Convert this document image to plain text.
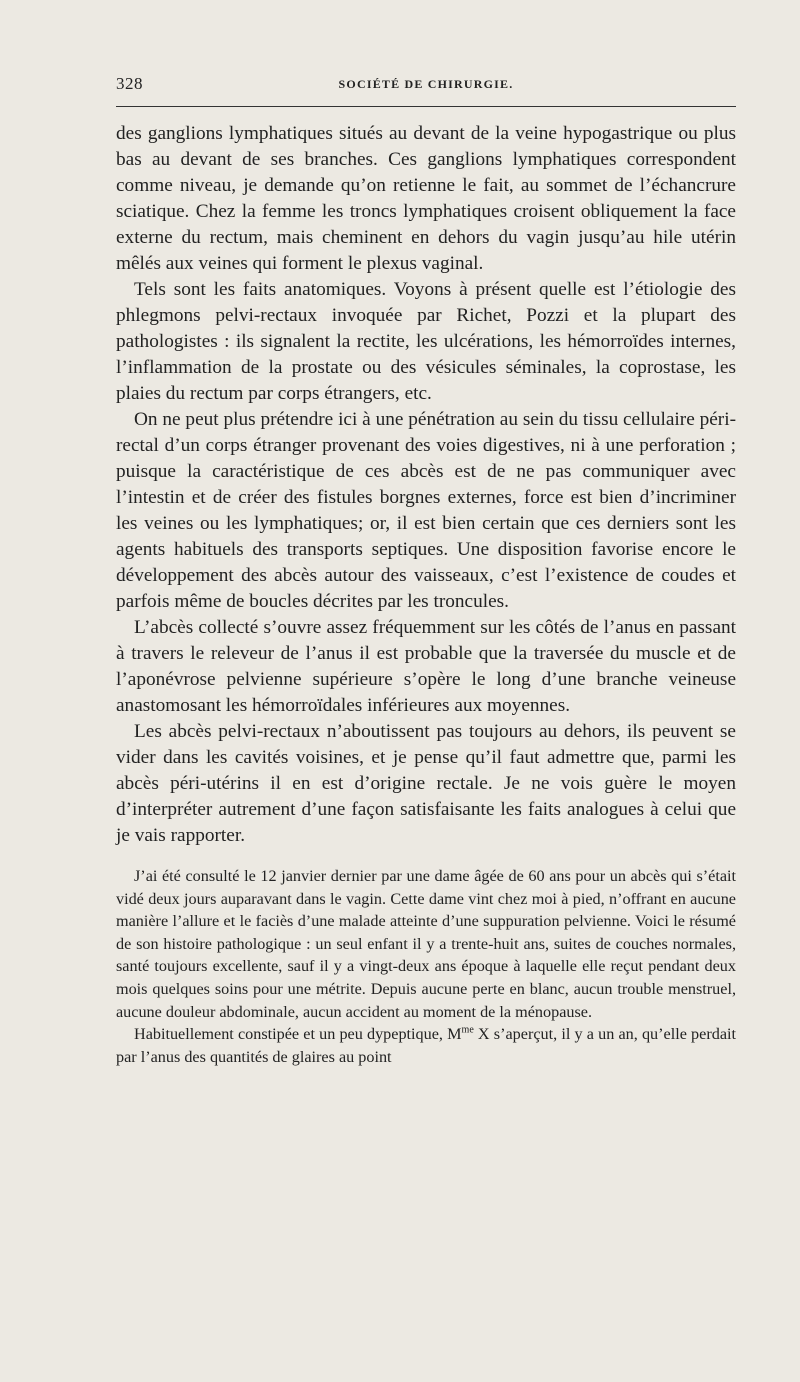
328	SOCIÉTÉ DE CHIRURGIE.

des ganglions lymphatiques situés au devant de la veine hypogastrique ou plus bas au devant de ses branches. Ces ganglions lymphatiques correspondent comme niveau, je demande qu’on retienne le fait, au sommet de l’échancrure sciatique. Chez la femme les troncs lymphatiques croisent obliquement la face externe du rectum, mais cheminent en dehors du vagin jusqu’au hile utérin mêlés aux veines qui forment le plexus vaginal.

Tels sont les faits anatomiques. Voyons à présent quelle est l’étiologie des phlegmons pelvi-rectaux invoquée par Richet, Pozzi et la plupart des pathologistes : ils signalent la rectite, les ulcérations, les hémorroïdes internes, l’inflammation de la prostate ou des vésicules séminales, la coprostase, les plaies du rectum par corps étrangers, etc.

On ne peut plus prétendre ici à une pénétration au sein du tissu cellulaire péri-rectal d’un corps étranger provenant des voies digestives, ni à une perforation ; puisque la caractéristique de ces abcès est de ne pas communiquer avec l’intestin et de créer des fistules borgnes externes, force est bien d’incriminer les veines ou les lymphatiques; or, il est bien certain que ces derniers sont les agents habituels des transports septiques. Une disposition favorise encore le développement des abcès autour des vaisseaux, c’est l’existence de coudes et parfois même de boucles décrites par les troncules.

L’abcès collecté s’ouvre assez fréquemment sur les côtés de l’anus en passant à travers le releveur de l’anus il est probable que la traversée du muscle et de l’aponévrose pelvienne supérieure s’opère le long d’une branche veineuse anastomosant les hémorroïdales inférieures aux moyennes.

Les abcès pelvi-rectaux n’aboutissent pas toujours au dehors, ils peuvent se vider dans les cavités voisines, et je pense qu’il faut admettre que, parmi les abcès péri-utérins il en est d’origine rectale. Je ne vois guère le moyen d’interpréter autrement d’une façon satisfaisante les faits analogues à celui que je vais rapporter.

J’ai été consulté le 12 janvier dernier par une dame âgée de 60 ans pour un abcès qui s’était vidé deux jours auparavant dans le vagin. Cette dame vint chez moi à pied, n’offrant en aucune manière l’allure et le faciès d’une malade atteinte d’une suppuration pelvienne. Voici le résumé de son histoire pathologique : un seul enfant il y a trente-huit ans, suites de couches normales, santé toujours excellente, sauf il y a vingt-deux ans époque à laquelle elle reçut pendant deux mois quelques soins pour une métrite. Depuis aucune perte en blanc, aucun trouble menstruel, aucune douleur abdominale, aucun accident au moment de la ménopause.

Habituellement constipée et un peu dypeptique, $M^{me}$ X s’aperçut, il y a un an, qu’elle perdait par l’anus des quantités de glaires au point
